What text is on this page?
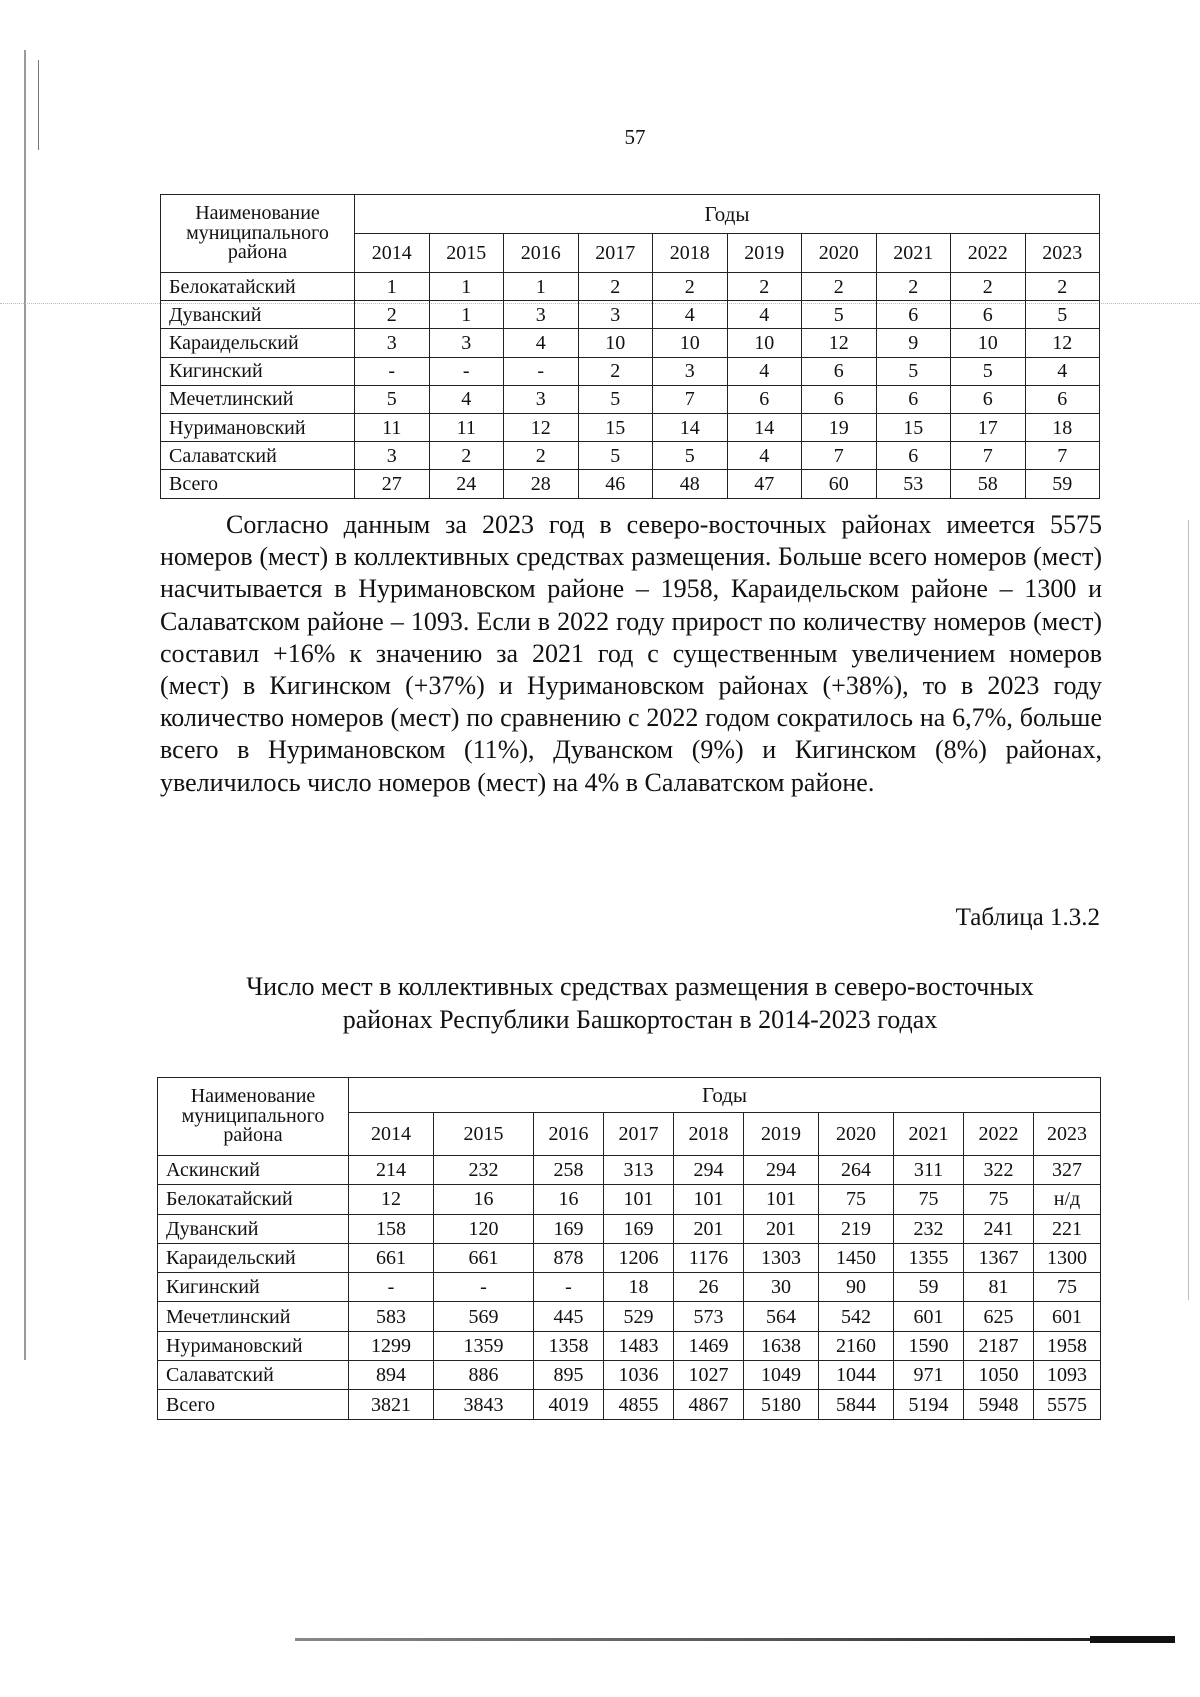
57
Наименование муниципального района	Годы									
	2014	2015	2016	2017	2018	2019	2020	2021	2022	2023
Белокатайский	1	1	1	2	2	2	2	2	2	2
Дуванский	2	1	3	3	4	4	5	6	6	5
Караидельский	3	3	4	10	10	10	12	9	10	12
Кигинский	-	-	-	2	3	4	6	5	5	4
Мечетлинский	5	4	3	5	7	6	6	6	6	6
Нуримановский	11	11	12	15	14	14	19	15	17	18
Салаватский	3	2	2	5	5	4	7	6	7	7
Всего	27	24	28	46	48	47	60	53	58	59

Согласно данным за 2023 год в северо-восточных районах имеется 5575 номеров (мест) в коллективных средствах размещения. Больше всего номеров (мест) насчитывается в Нуримановском районе – 1958, Караидельском районе – 1300 и Салаватском районе – 1093. Если в 2022 году прирост по количеству номеров (мест) составил +16% к значению за 2021 год с существенным увеличением номеров (мест) в Кигинском (+37%) и Нуримановском районах (+38%), то в 2023 году количество номеров (мест) по сравнению с 2022 годом сократилось на 6,7%, больше всего в Нуримановском (11%), Дуванском (9%) и Кигинском (8%) районах, увеличилось число номеров (мест) на 4% в Салаватском районе.

Таблица 1.3.2

Число мест в коллективных средствах размещения в северо-восточных
районах Республики Башкортостан в 2014-2023 годах

Наименование муниципального района	Годы									
	2014	2015	2016	2017	2018	2019	2020	2021	2022	2023
Аскинский	214	232	258	313	294	294	264	311	322	327
Белокатайский	12	16	16	101	101	101	75	75	75	н/д
Дуванский	158	120	169	169	201	201	219	232	241	221
Караидельский	661	661	878	1206	1176	1303	1450	1355	1367	1300
Кигинский	-	-	-	18	26	30	90	59	81	75
Мечетлинский	583	569	445	529	573	564	542	601	625	601
Нуримановский	1299	1359	1358	1483	1469	1638	2160	1590	2187	1958
Салаватский	894	886	895	1036	1027	1049	1044	971	1050	1093
Всего	3821	3843	4019	4855	4867	5180	5844	5194	5948	5575
